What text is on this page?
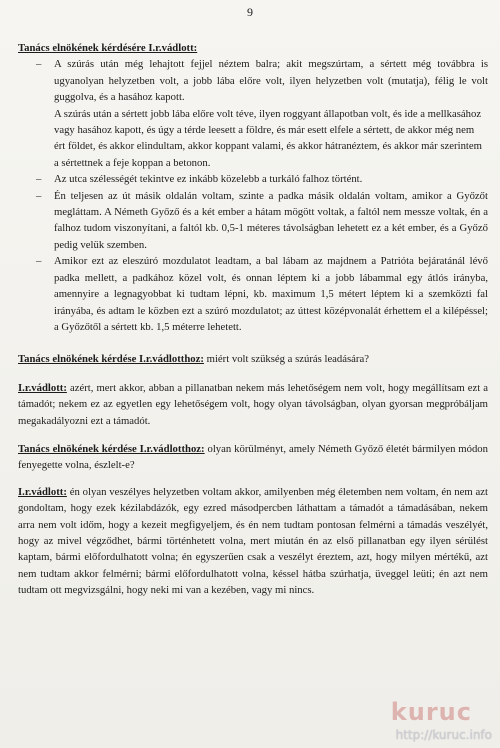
9

Tanács elnökének kérdésére I.r.vádlott:

– A szúrás után még lehajtott fejjel néztem balra; akit megszúrtam, a sértett még továbbra is ugyanolyan helyzetben volt, a jobb lába előre volt, ilyen helyzetben volt (mutatja), félig le volt guggolva, és a hasához kapott.
A szúrás után a sértett jobb lába előre volt téve, ilyen roggyant állapotban volt, és ide a mellkasához vagy hasához kapott, és úgy a térde leesett a földre, és már esett elfele a sértett, de akkor még nem ért földet, és akkor elindultam, akkor koppant valami, és akkor hátranéztem, és akkor már szerintem a sértettnek a feje koppan a betonon.
– Az utca szélességét tekintve ez inkább közelebb a turkáló falhoz történt.
– Én teljesen az út másik oldalán voltam, szinte a padka másik oldalán voltam, amikor a Győzőt megláttam. A Németh Győző és a két ember a hátam mögött voltak, a faltól nem messze voltak, én a falhoz tudom viszonyítani, a faltól kb. 0,5-1 méteres távolságban lehetett ez a két ember, és a Győző pedig velük szemben.
– Amikor ezt az eleszúró mozdulatot leadtam, a bal lábam az majdnem a Patrióta bejáratánál lévő padka mellett, a padkához közel volt, és onnan léptem ki a jobb lábammal egy átlós irányba, amennyire a legnagyobbat ki tudtam lépni, kb. maximum 1,5 métert léptem ki a szemközti fal irányába, és adtam le közben ezt a szúró mozdulatot; az úttest középvonalát érhettem el a kilépéssel; a Győzőtől a sértett kb. 1,5 méterre lehetett.

Tanács elnökének kérdése I.r.vádlotthoz: miért volt szükség a szúrás leadására?

I.r.vádlott: azért, mert akkor, abban a pillanatban nekem más lehetőségem nem volt, hogy megállítsam ezt a támadót; nekem ez az egyetlen egy lehetőségem volt, hogy olyan távolságban, olyan gyorsan megpróbáljam megakadályozni ezt a támadót.

Tanács elnökének kérdése I.r.vádlotthoz: olyan körülményt, amely Németh Győző életét bármilyen módon fenyegette volna, észlelt-e?

I.r.vádlott: én olyan veszélyes helyzetben voltam akkor, amilyenben még életemben nem voltam, én nem azt gondoltam, hogy ezek kézilabdázók, egy ezred másodpercben láthattam a támadót a támadásában, nekem arra nem volt időm, hogy a kezeit megfigyeljem, és én nem tudtam pontosan felmérni a támadás veszélyét, hogy az mivel végződhet, bármi történhetett volna, mert miután én az első pillanatban egy ilyen sérülést kaptam, bármi előfordulhatott volna; én egyszerűen csak a veszélyt éreztem, azt, hogy milyen mértékű, azt nem tudtam akkor felmérni; bármi előfordulhatott volna, késsel hátba szúrhatja, üveggel leüti; én azt nem tudtam ott megvizsgálni, hogy neki mi van a kezében, vagy mi nincs.

kuruc
http://kuruc.info
